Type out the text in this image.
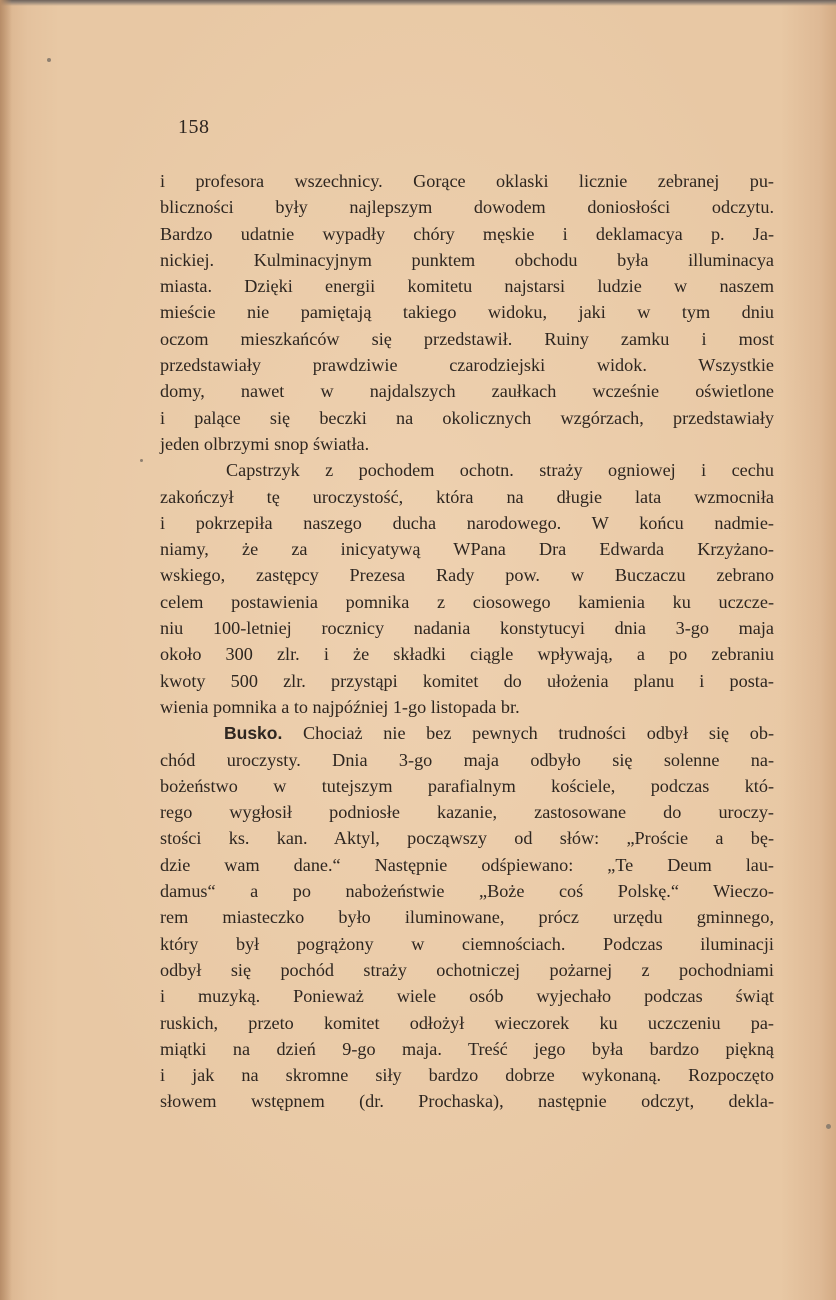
158
i profesora wszechnicy. Gorące oklaski licznie zebranej pu-
bliczności były najlepszym dowodem doniosłości odczytu.
Bardzo udatnie wypadły chóry męskie i deklamacya p. Ja-
nickiej. Kulminacyjnym punktem obchodu była illuminacya
miasta. Dzięki energii komitetu najstarsi ludzie w naszem
mieście nie pamiętają takiego widoku, jaki w tym dniu
oczom mieszkańców się przedstawił. Ruiny zamku i most
przedstawiały prawdziwie czarodziejski widok. Wszystkie
domy, nawet w najdalszych zaułkach wcześnie oświetlone
i palące się beczki na okolicznych wzgórzach, przedstawiały
jeden olbrzymi snop światła.
Capstrzyk z pochodem ochotn. straży ogniowej i cechu
zakończył tę uroczystość, która na długie lata wzmocniła
i pokrzepiła naszego ducha narodowego. W końcu nadmie-
niamy, że za inicyatywą WPana Dra Edwarda Krzyżano-
wskiego, zastępcy Prezesa Rady pow. w Buczaczu zebrano
celem postawienia pomnika z ciosowego kamienia ku uczcze-
niu 100-letniej rocznicy nadania konstytucyi dnia 3-go maja
około 300 zlr. i że składki ciągle wpływają, a po zebraniu
kwoty 500 zlr. przystąpi komitet do ułożenia planu i posta-
wienia pomnika a to najpóźniej 1-go listopada br.
Busko. Chociaż nie bez pewnych trudności odbył się ob-
chód uroczysty. Dnia 3-go maja odbyło się solenne na-
bożeństwo w tutejszym parafialnym kościele, podczas któ-
rego wygłosił podniosłe kazanie, zastosowane do uroczy-
stości ks. kan. Aktyl, począwszy od słów: „Proście a bę-
dzie wam dane.“ Następnie odśpiewano: „Te Deum lau-
damus“ a po nabożeństwie „Boże coś Polskę.“ Wieczo-
rem miasteczko było iluminowane, prócz urzędu gminnego,
który był pogrążony w ciemnościach. Podczas iluminacji
odbył się pochód straży ochotniczej pożarnej z pochodniami
i muzyką. Ponieważ wiele osób wyjechało podczas świąt
ruskich, przeto komitet odłożył wieczorek ku uczczeniu pa-
miątki na dzień 9-go maja. Treść jego była bardzo piękną
i jak na skromne siły bardzo dobrze wykonaną. Rozpoczęto
słowem wstępnem (dr. Prochaska), następnie odczyt, dekla-
